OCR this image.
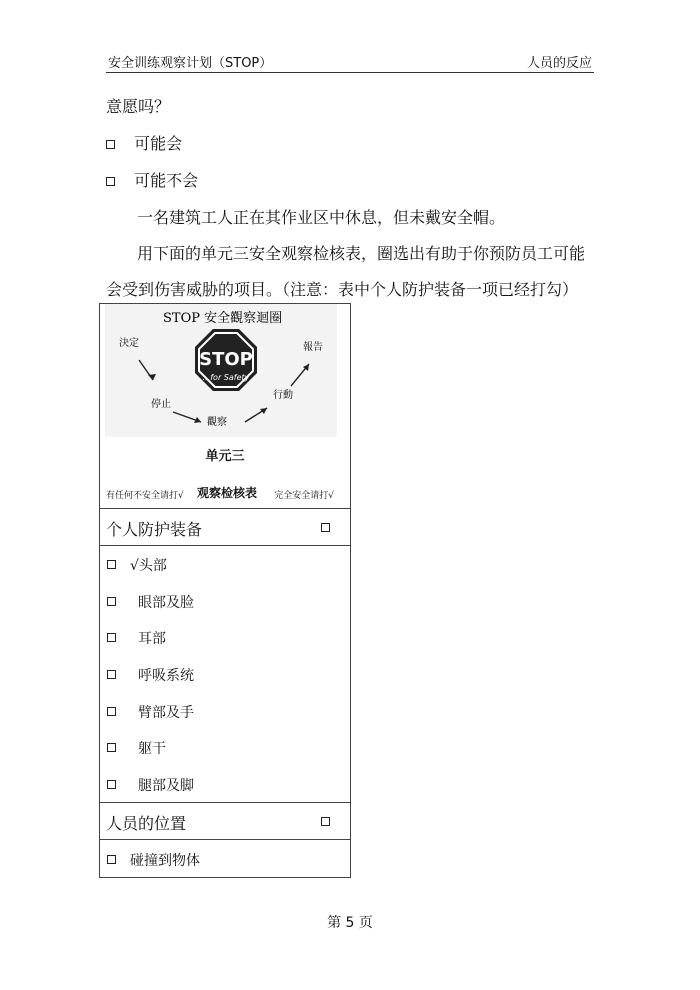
安全训练观察计划（STOP）	人员的反应
意愿吗？
可能会
可能不会
一名建筑工人正在其作业区中休息，但未戴安全帽。
用下面的单元三安全观察检核表，圈选出有助于你预防员工可能
会受到伤害威胁的项目。（注意：表中个人防护装备一项已经打勾）
STOP 安全觀察迴圈
STOP
...for Safety
決定
停止
觀察
行動
報告
单元三
有任何不安全请打√ 观察检核表 完全安全请打√
个人防护装备
√头部
眼部及脸
耳部
呼吸系统
臂部及手
躯干
腿部及脚
人员的位置
碰撞到物体
第 5 页
